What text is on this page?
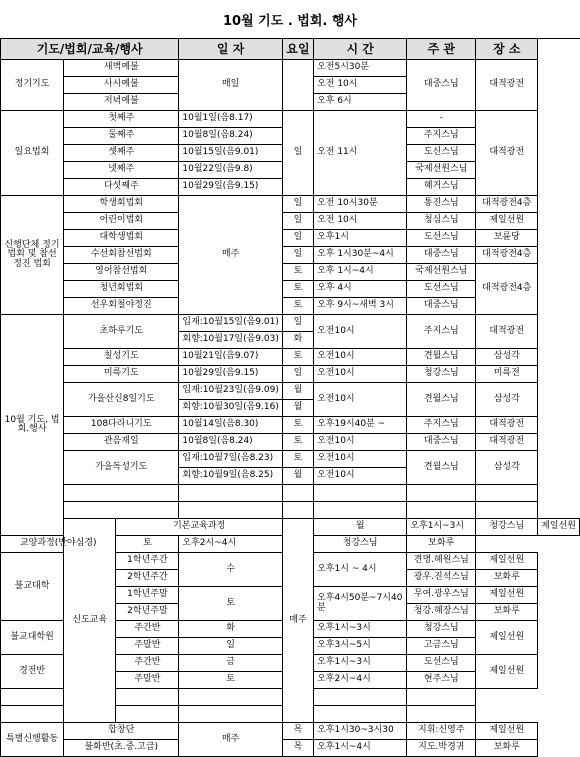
10월 기도 . 법회. 행사
기도/법회/교육/행사			일 자	요일	시 간	주 관	장 소	
정기기도	새벽예불		매일		오전5시30분	대중스님	대적광전	
	사시예불				오전 10시			
	저녁예불				오후 6시			
일요법회	첫째주		10월1일(음8.17)	일	오전 11시	-	대적광전	
	둘째주		10월8일(음8.24)			주지스님		
	셋째주		10월15일(음9.01)			도신스님		
	넷째주		10월22일(음9.8)			국제선원스님		
	다섯째주		10월29일(음9.15)			혜거스님		
신행단체 정기법회 및 참선정진 법회	학생회법회		매주	일	오전 10시30분	통진스님	대적광전4층	
	어린이법회			일	오전 10시	청심스님	제일선원	
	대학생법회			일	오후1시	도선스님	보륜당	
	수선회참선법회			일	오후 1시30분~4시	대중스님	대적광전4층	
	영어참선법회			토	오후 1시~4시	국제선원스님	대적광전4층	
	청년회법회			토	오후 4시	도선스님		
	선우회철야정진			토	오후 9시~새벽 3시	대중스님		
10월 기도, 법회.행사	초하루기도		입재:10월15일(음9.01)	일	오전10시	주지스님	대적광전	
			회향:10월17일(음9.03)	화				
	칠성기도		10월21일(음9.07)	토	오전10시	견월스님	삼성각	
	미륵기도		10월29일(음9.15)	일	오전10시	청강스님	미륵전	
	가을산신8일기도		입재:10월23일(음9.09)	월	오전10시	견월스님	삼성각	
			회향:10월30일(음9.16)	월				
	108다라니기도		10월14일(음8.30)	토	오후19시40분 ~	주지스님	대적광전	
	관음재일		10월8일(음8.24)	토	오전10시	대중스님	대적광전	
	가을독성기도		입재:10월7일(음8.23)	토	오전10시	견월스님	삼성각	
			회향:10월9일(음8.25)	월	오전10시			

	신도교육	기본교육과정		매주	월	오후1시~3시	청강스님	제일선원
교양과정(반야심경)		토	오후2시~4시		청강스님	보화루		
불교대학		1학년주간	수		오후1시 ~ 4시	견명.혜원스님	제일선원	
		2학년주간				광우.진석스님	보화루	
		1학년주말	토		오후4시50분~7시40분	무여.광우스님	제일선원	
		2학년주말				청강.혜장스님	보화루	
불교대학원		주간반	화		오후1시~3시	청강스님	제일선원	
		주말반	일		오후3시~5시	고금스님		
경전반		주간반	금		오후1시~3시	도선스님	제일선원	
		주말반	토		오후2시~4시	현주스님		

특별신행활동	합창단		매주	목	오후1시30~3시30	지휘:신영주	제일선원	
	불화반(초.중.고급)			목	오후1시~4시	지도.박경귀	보화루	
